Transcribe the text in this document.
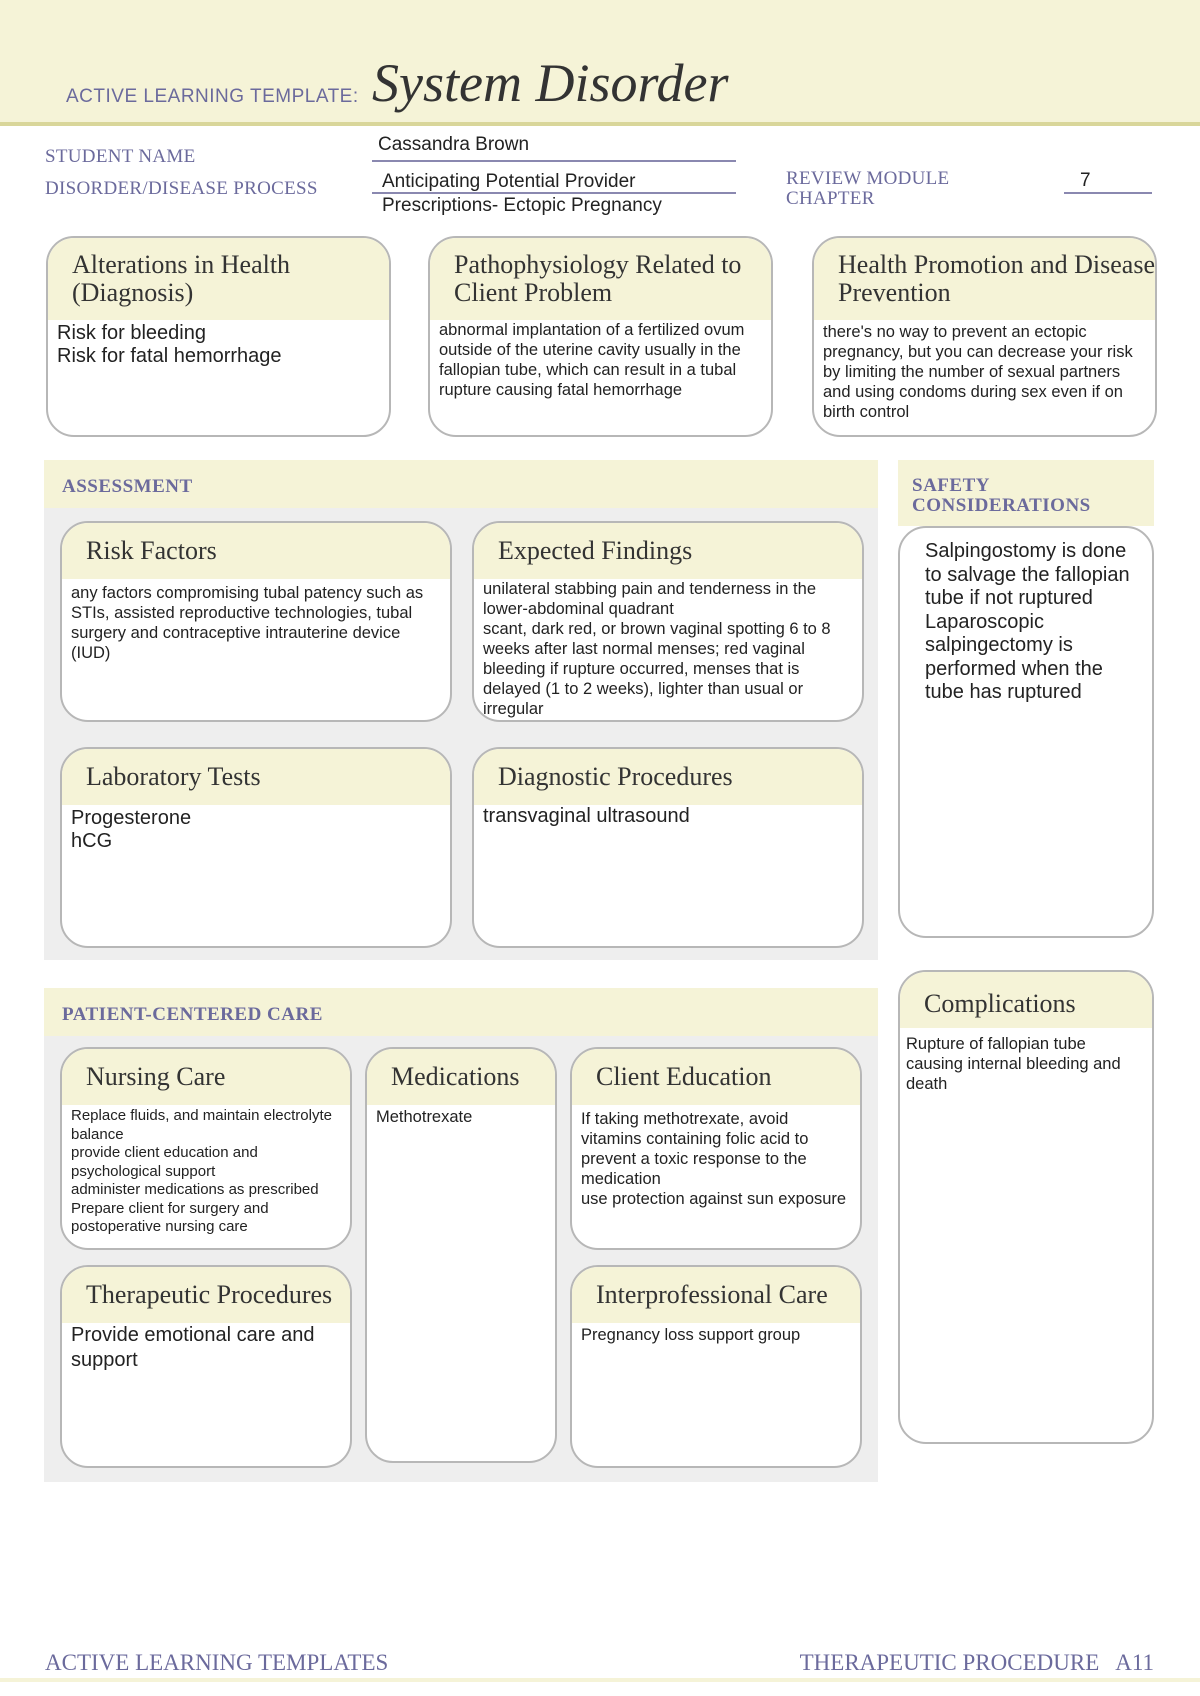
ACTIVE LEARNING TEMPLATE: System Disorder
STUDENT NAME
Cassandra Brown
DISORDER/DISEASE PROCESS	Anticipating Potential Provider
Prescriptions- Ectopic Pregnancy
REVIEW MODULE
CHAPTER
7
Alterations in Health (Diagnosis)
Risk for bleeding
Risk for fatal hemorrhage
Pathophysiology Related to Client Problem
abnormal implantation of a fertilized ovum outside of the uterine cavity usually in the fallopian tube, which can result in a tubal rupture causing fatal hemorrhage
Health Promotion and Disease Prevention
there's no way to prevent an ectopic pregnancy, but you can decrease your risk by limiting the number of sexual partners and using condoms during sex even if on birth control
ASSESSMENT
Risk Factors
any factors compromising tubal patency such as STIs, assisted reproductive technologies, tubal surgery and contraceptive intrauterine device (IUD)
Expected Findings
unilateral stabbing pain and tenderness in the lower-abdominal quadrant
scant, dark red, or brown vaginal spotting 6 to 8 weeks after last normal menses; red vaginal bleeding if rupture occurred, menses that is delayed (1 to 2 weeks), lighter than usual or irregular
Laboratory Tests
Progesterone
hCG
Diagnostic Procedures
transvaginal ultrasound
SAFETY CONSIDERATIONS
Salpingostomy is done to salvage the fallopian tube if not ruptured
Laparoscopic salpingectomy is performed when the tube has ruptured
PATIENT-CENTERED CARE
Nursing Care
Replace fluids, and maintain electrolyte balance
provide client education and psychological support
administer medications as prescribed
Prepare client for surgery and postoperative nursing care
Medications
Methotrexate
Client Education
If taking methotrexate, avoid vitamins containing folic acid to prevent a toxic response to the medication
use protection against sun exposure
Therapeutic Procedures
Provide emotional care and support
Interprofessional Care
Pregnancy loss support group
Complications
Rupture of fallopian tube causing internal bleeding and death
ACTIVE LEARNING TEMPLATES	THERAPEUTIC PROCEDURE   A11
